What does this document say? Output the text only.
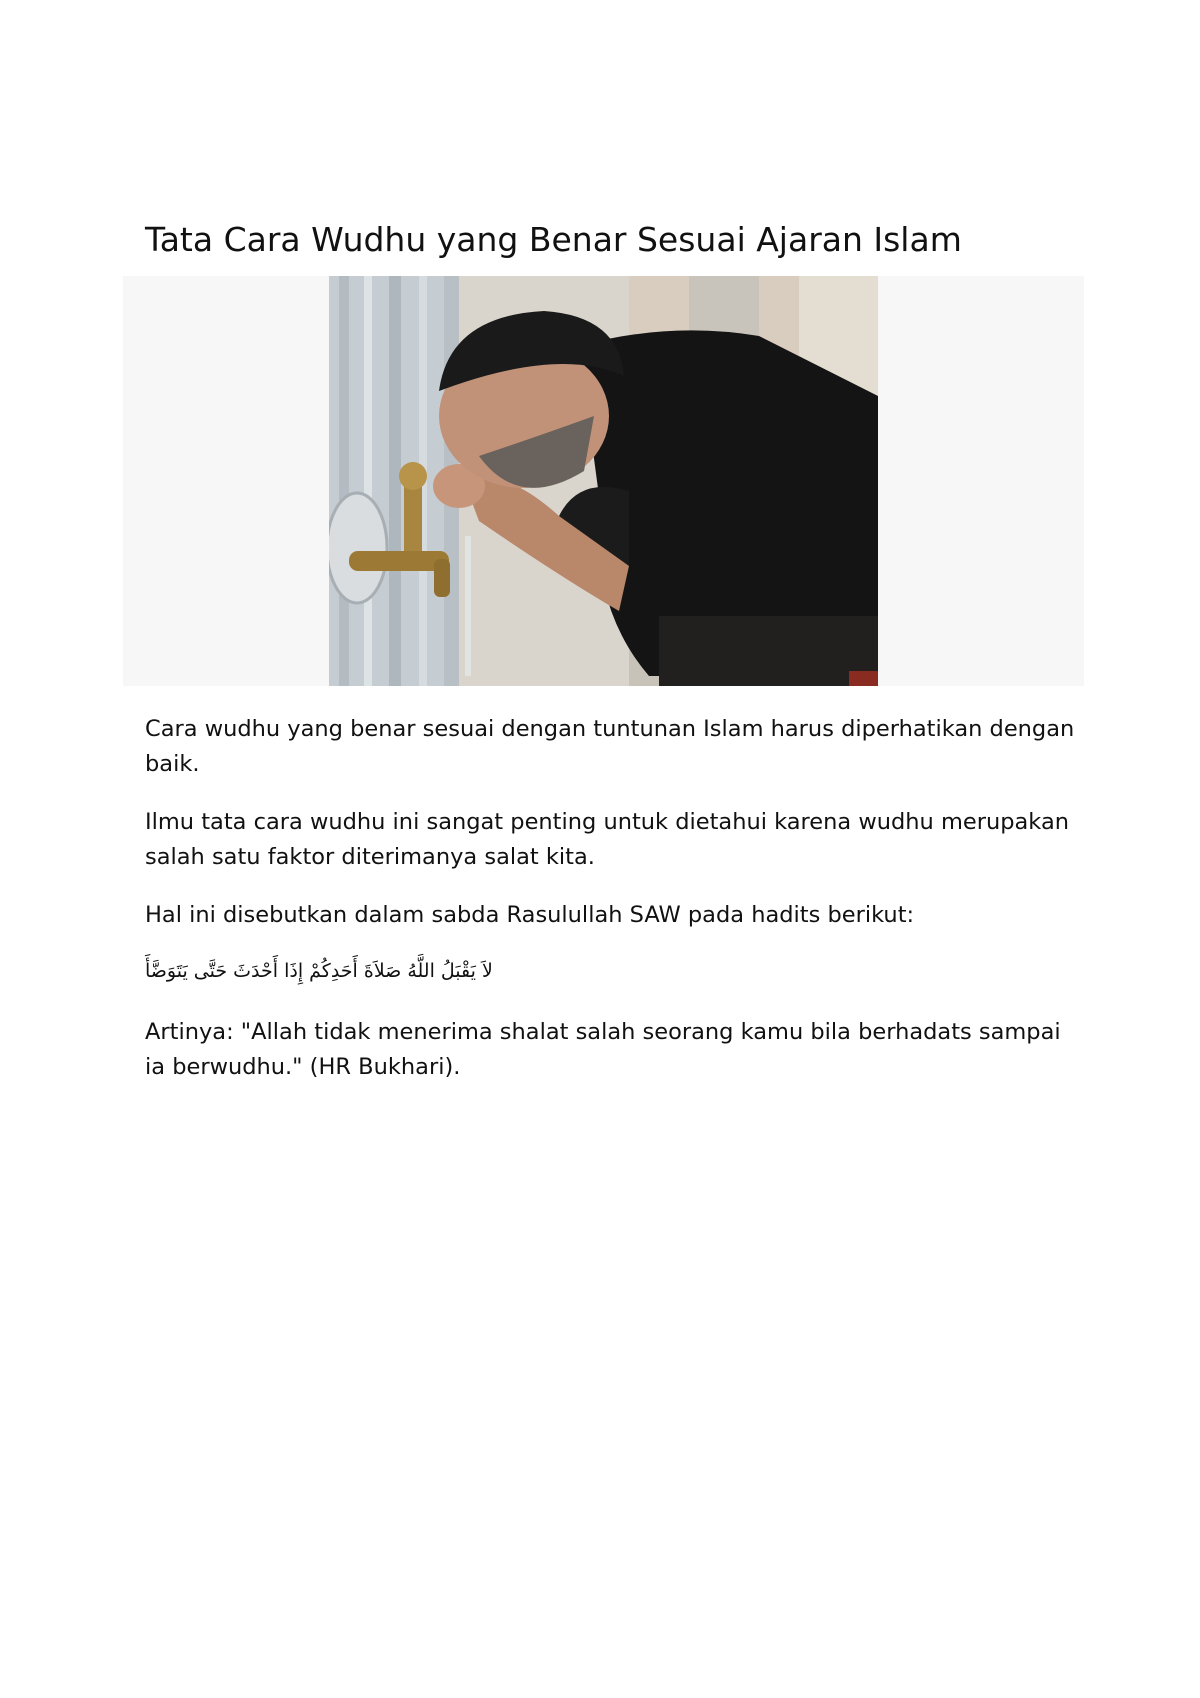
Tata Cara Wudhu yang Benar Sesuai Ajaran Islam

Cara wudhu yang benar sesuai dengan tuntunan Islam harus diperhatikan dengan baik.

Ilmu tata cara wudhu ini sangat penting untuk dietahui karena wudhu merupakan salah satu faktor diterimanya salat kita.

Hal ini disebutkan dalam sabda Rasulullah SAW pada hadits berikut:

لاَ يَقْبَلُ اللَّهُ صَلاَةَ أَحَدِكُمْ إِذَا أَحْدَثَ حَتَّى يَتَوَضَّأَ

Artinya: "Allah tidak menerima shalat salah seorang kamu bila berhadats sampai ia berwudhu." (HR Bukhari).
